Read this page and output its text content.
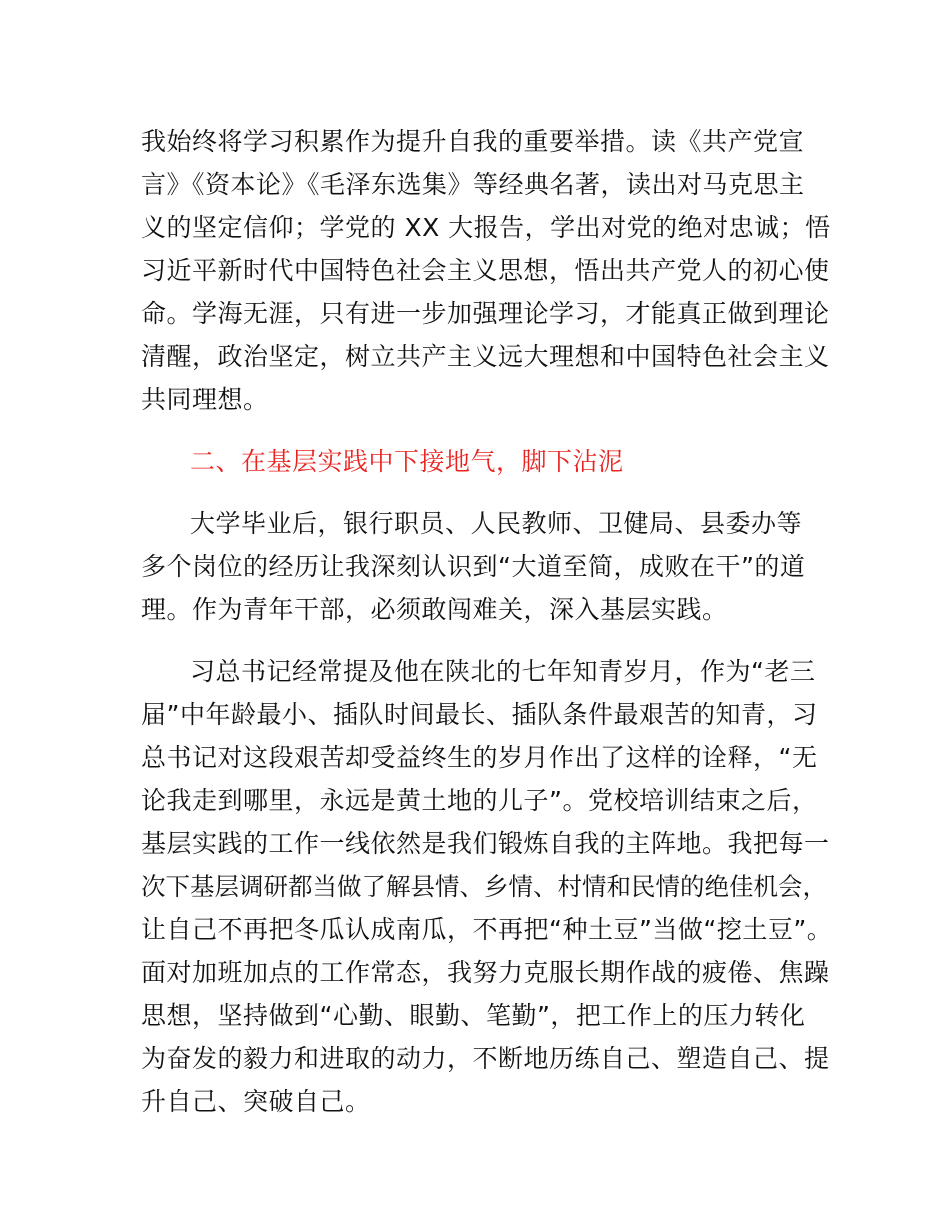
我始终将学习积累作为提升自我的重要举措。读《共产党宣
言》《资本论》《毛泽东选集》等经典名著，读出对马克思主
义的坚定信仰；学党的 XX 大报告，学出对党的绝对忠诚；悟
习近平新时代中国特色社会主义思想，悟出共产党人的初心使
命。学海无涯，只有进一步加强理论学习，才能真正做到理论
清醒，政治坚定，树立共产主义远大理想和中国特色社会主义
共同理想。
二、在基层实践中下接地气，脚下沾泥
大学毕业后，银行职员、人民教师、卫健局、县委办等
多个岗位的经历让我深刻认识到“大道至简，成败在干”的道
理。作为青年干部，必须敢闯难关，深入基层实践。
习总书记经常提及他在陕北的七年知青岁月，作为“老三
届”中年龄最小、插队时间最长、插队条件最艰苦的知青，习
总书记对这段艰苦却受益终生的岁月作出了这样的诠释，“无
论我走到哪里，永远是黄土地的儿子”。党校培训结束之后，
基层实践的工作一线依然是我们锻炼自我的主阵地。我把每一
次下基层调研都当做了解县情、乡情、村情和民情的绝佳机会，
让自己不再把冬瓜认成南瓜，不再把“种土豆”当做“挖土豆”。
面对加班加点的工作常态，我努力克服长期作战的疲倦、焦躁
思想，坚持做到“心勤、眼勤、笔勤”，把工作上的压力转化
为奋发的毅力和进取的动力，不断地历练自己、塑造自己、提
升自己、突破自己。
